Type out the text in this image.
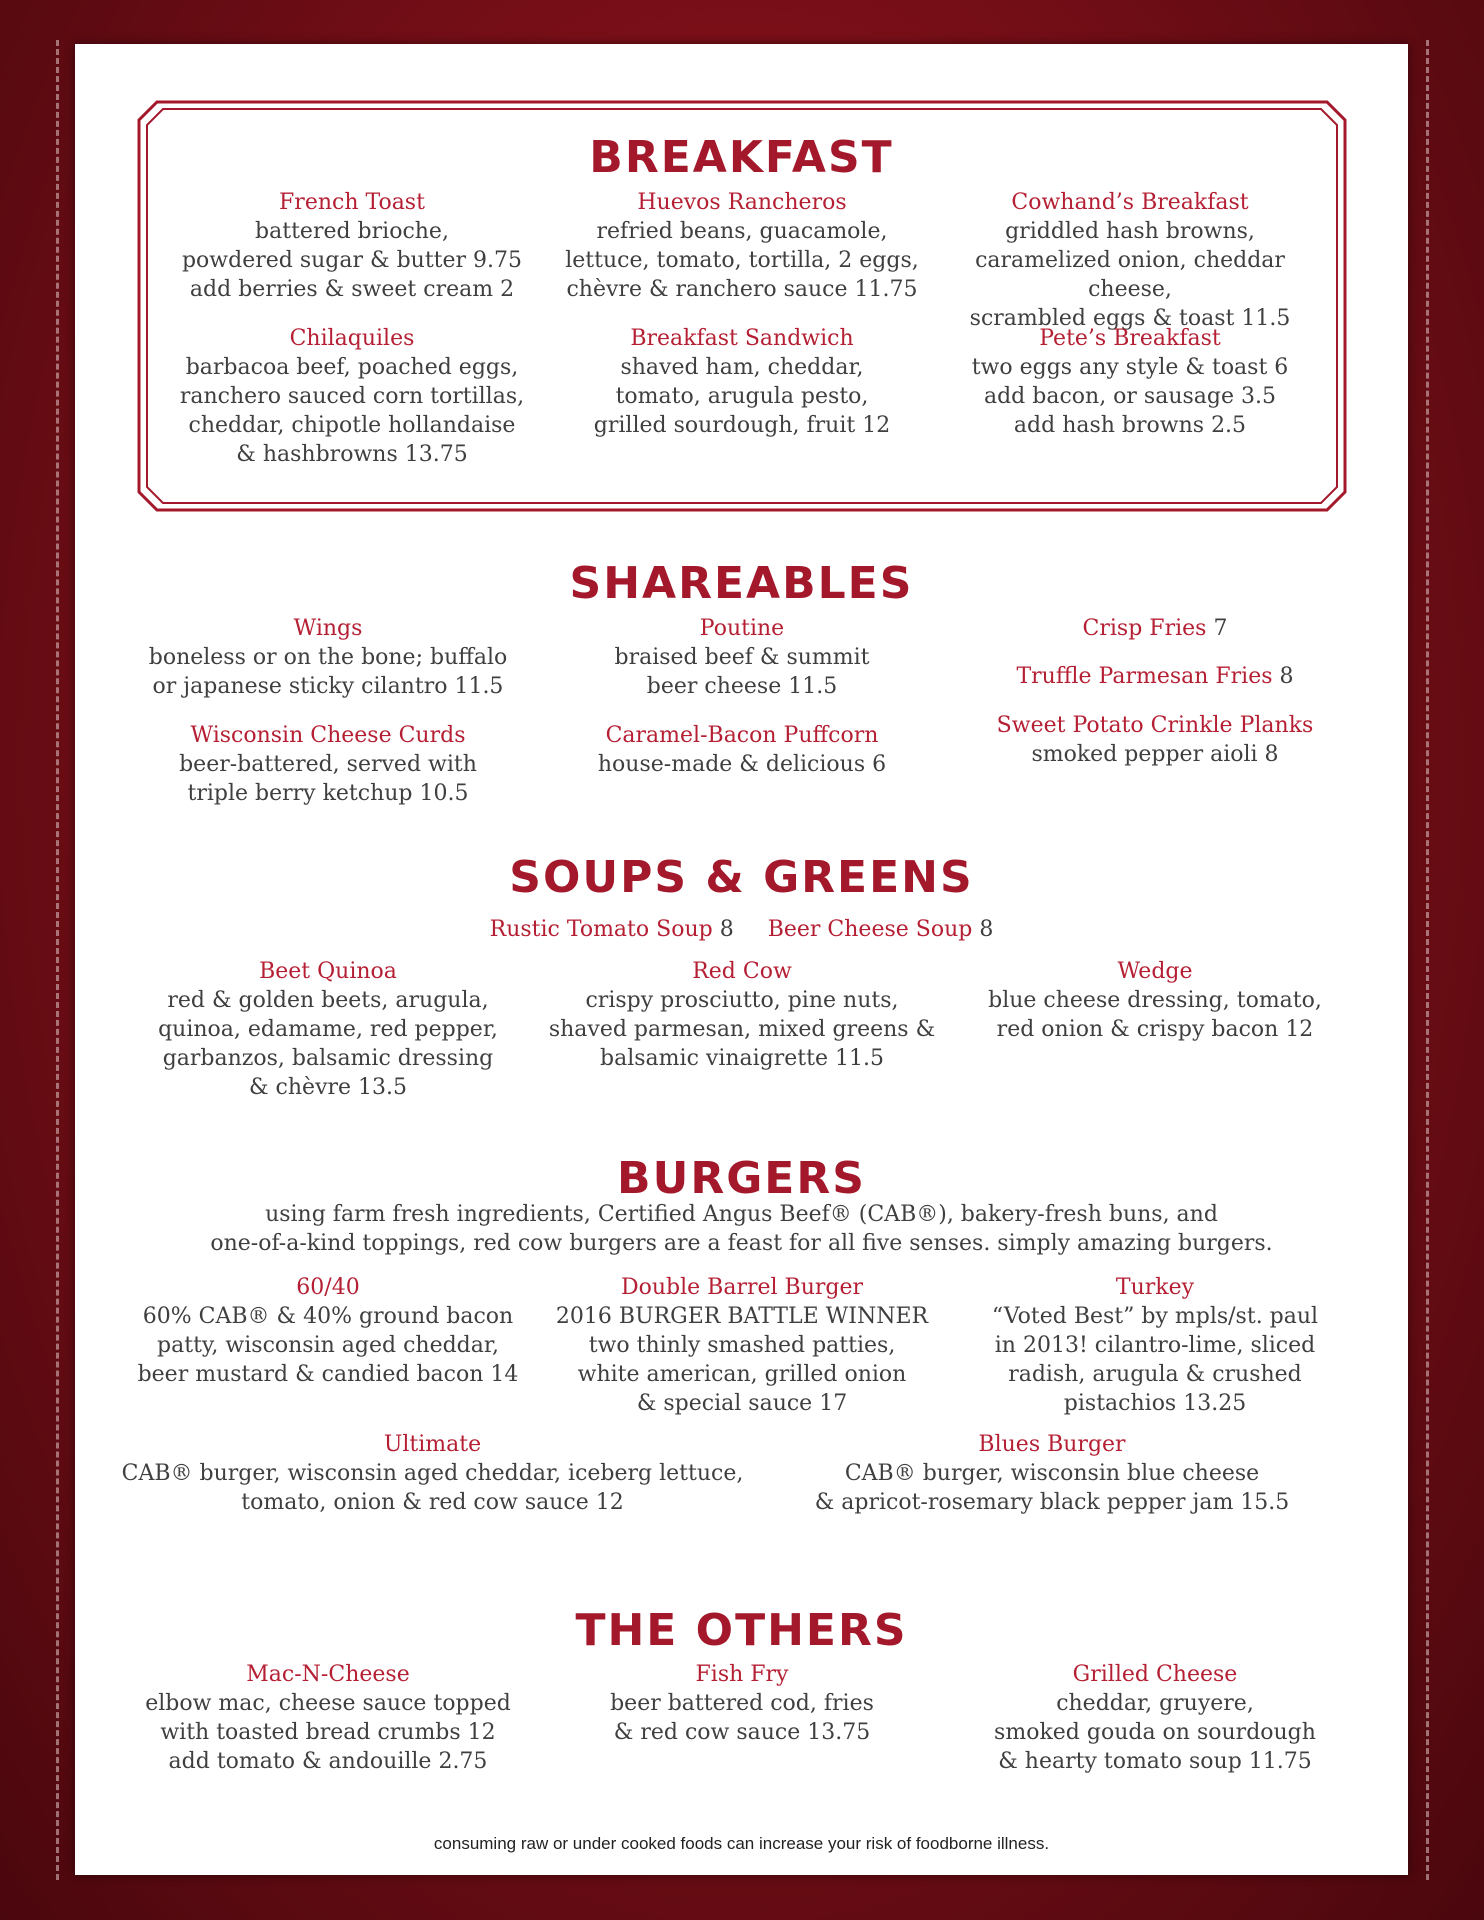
BREAKFAST
French Toast
battered brioche,
powdered sugar & butter 9.75
add berries & sweet cream 2
Huevos Rancheros
refried beans, guacamole,
lettuce, tomato, tortilla, 2 eggs,
chèvre & ranchero sauce 11.75
Cowhand’s Breakfast
griddled hash browns,
caramelized onion, cheddar cheese,
scrambled eggs & toast 11.5
Chilaquiles
barbacoa beef, poached eggs,
ranchero sauced corn tortillas,
cheddar, chipotle hollandaise
& hashbrowns 13.75
Breakfast Sandwich
shaved ham, cheddar,
tomato, arugula pesto,
grilled sourdough, fruit 12
Pete’s Breakfast
two eggs any style & toast 6
add bacon, or sausage 3.5
add hash browns 2.5
SHAREABLES
Wings
boneless or on the bone; buffalo
or japanese sticky cilantro 11.5
Poutine
braised beef & summit
beer cheese 11.5
Crisp Fries 7
Truffle Parmesan Fries 8
Wisconsin Cheese Curds
beer-battered, served with
triple berry ketchup 10.5
Caramel-Bacon Puffcorn
house-made & delicious 6
Sweet Potato Crinkle Planks
smoked pepper aioli 8
SOUPS & GREENS
Rustic Tomato Soup 8 Beer Cheese Soup 8
Beet Quinoa
red & golden beets, arugula,
quinoa, edamame, red pepper,
garbanzos, balsamic dressing
& chèvre 13.5
Red Cow
crispy prosciutto, pine nuts,
shaved parmesan, mixed greens &
balsamic vinaigrette 11.5
Wedge
blue cheese dressing, tomato,
red onion & crispy bacon 12
BURGERS
using farm fresh ingredients, Certified Angus Beef® (CAB®), bakery-fresh buns, and
one-of-a-kind toppings, red cow burgers are a feast for all five senses. simply amazing burgers.
60/40
60% CAB® & 40% ground bacon
patty, wisconsin aged cheddar,
beer mustard & candied bacon 14
Double Barrel Burger
2016 BURGER BATTLE WINNER
two thinly smashed patties,
white american, grilled onion
& special sauce 17
Turkey
“Voted Best” by mpls/st. paul
in 2013! cilantro-lime, sliced
radish, arugula & crushed
pistachios 13.25
Ultimate
CAB® burger, wisconsin aged cheddar, iceberg lettuce,
tomato, onion & red cow sauce 12
Blues Burger
CAB® burger, wisconsin blue cheese
& apricot-rosemary black pepper jam 15.5
THE OTHERS
Mac-N-Cheese
elbow mac, cheese sauce topped
with toasted bread crumbs 12
add tomato & andouille 2.75
Fish Fry
beer battered cod, fries
& red cow sauce 13.75
Grilled Cheese
cheddar, gruyere,
smoked gouda on sourdough
& hearty tomato soup 11.75
consuming raw or under cooked foods can increase your risk of foodborne illness.
